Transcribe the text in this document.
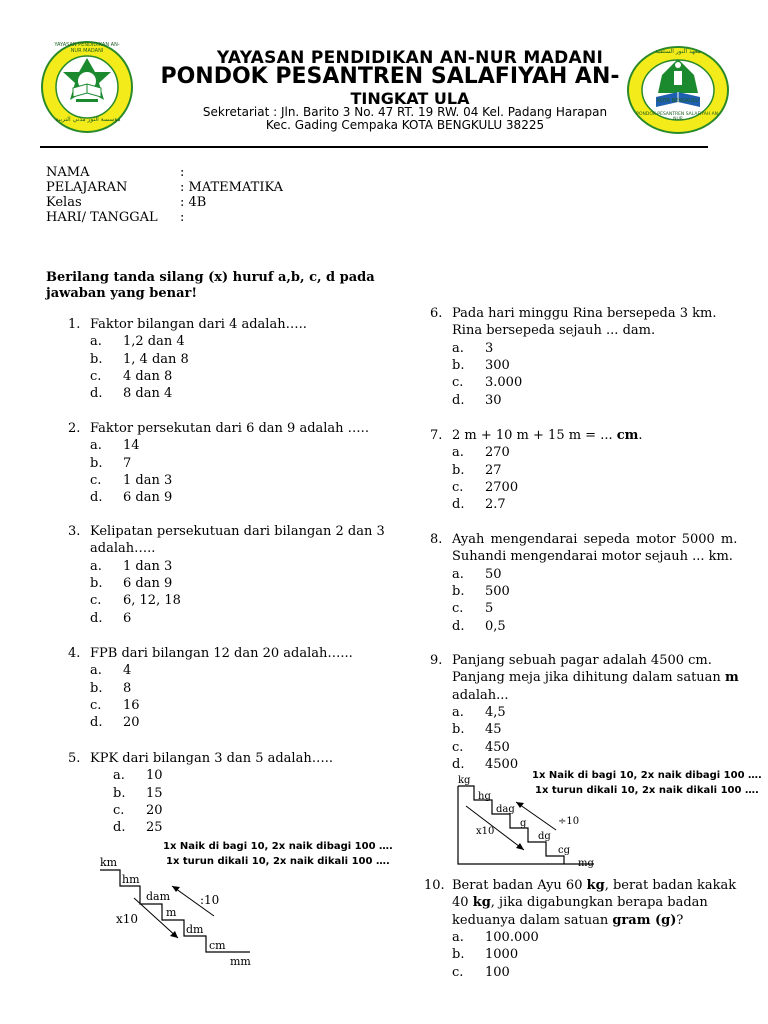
YAYASAN PENDIDIKAN AN-NUR MADANI
مؤسسة النور مدني التربية
KOTA BENGKULU
PONDOK PESANTREN SALAFIYAH AN-NUR
معهد النور السلفية
YAYASAN PENDIDIKAN AN-NUR MADANI
PONDOK PESANTREN SALAFIYAH AN-
TINGKAT ULA
Sekretariat : Jln. Barito 3 No. 47 RT. 19 RW. 04 Kel. Padang Harapan
Kec. Gading Cempaka KOTA BENGKULU 38225
NAMA	:
PELAJARAN	: MATEMATIKA
Kelas	: 4B
HARI/ TANGGAL :
Berilang tanda silang (x) huruf a,b, c, d pada jawaban yang benar!
1. Faktor bilangan dari 4 adalah…..
a. 1,2 dan 4
b. 1, 4 dan 8
c. 4 dan 8
d. 8 dan 4
2. Faktor persekutan dari 6 dan 9 adalah …..
a. 14
b. 7
c. 1 dan 3
d. 6 dan 9
3. Kelipatan persekutuan dari bilangan 2 dan 3
adalah…..
a. 1 dan 3
b. 6 dan 9
c. 6, 12, 18
d. 6
4. FPB dari bilangan 12 dan 20 adalah…...
a. 4
b. 8
c. 16
d. 20
5. KPK dari bilangan 3 dan 5 adalah…..
a. 10
b. 15
c. 20
d. 25
1x Naik di bagi 10, 2x naik dibagi 100 ….
1x turun dikali 10, 2x naik dikali 100 ….
km
hm
dam
m
dm
cm
mm
x10
:10
6. Pada hari minggu Rina bersepeda 3 km.
Rina bersepeda sejauh ... dam.
a. 3
b. 300
c. 3.000
d. 30
7. 2 m + 10 m + 15 m = ... cm.
a. 270
b. 27
c. 2700
d. 2.7
8. Ayah mengendarai sepeda motor 5000 m.
Suhandi mengendarai motor sejauh ... km.
a. 50
b. 500
c. 5
d. 0,5
9. Panjang sebuah pagar adalah 4500 cm.
Panjang meja jika dihitung dalam satuan m
adalah...
a. 4,5
b. 45
c. 450
d. 4500
1x Naik di bagi 10, 2x naik dibagi 100 ….
1x turun dikali 10, 2x naik dikali 100 ….
kg
hg
dag
g
dg
cg
mg
x10
÷10
10. Berat badan Ayu 60 kg, berat badan kakak
40 kg, jika digabungkan berapa badan
keduanya dalam satuan gram (g)?
a. 100.000
b. 1000
c. 100
